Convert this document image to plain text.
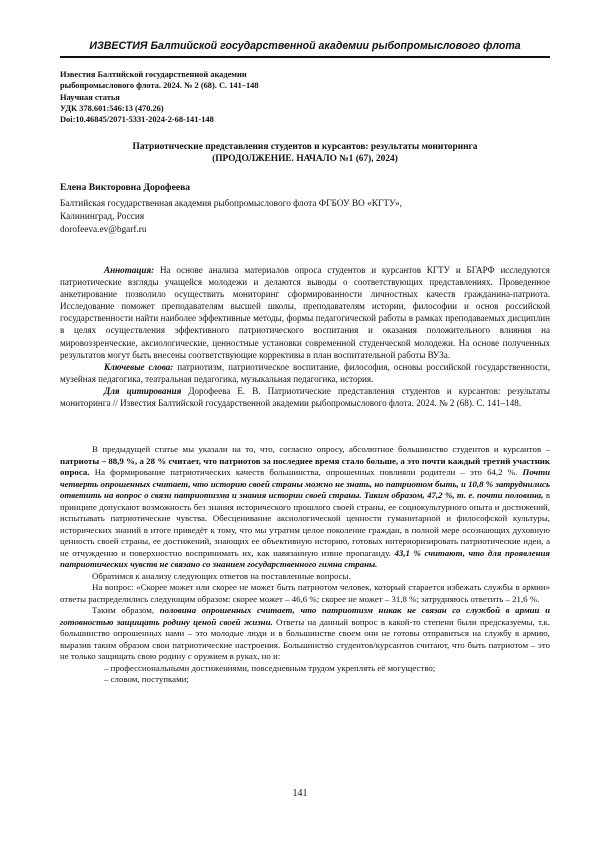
ИЗВЕСТИЯ Балтийской государственной академии рыбопромыслового флота
Известия Балтийской государственной академии
рыбопромыслового флота. 2024. № 2 (68). С. 141–148
Научная статья
УДК 378.601:546:13 (470.26)
Doi:10.46845/2071-5331-2024-2-68-141-148
Патриотические представления студентов и курсантов: результаты мониторинга
(ПРОДОЛЖЕНИЕ. НАЧАЛО №1 (67), 2024)
Елена Викторовна Дорофеева
Балтийская государственная академия рыбопромыслового флота ФГБОУ ВО «КГТУ»,
Калининград, Россия
dorofeeva.ev@bgarf.ru

Аннотация: На основе анализа материалов опроса студентов и курсантов КГТУ и БГАРФ исследуются патриотические взгляды учащейся молодежи и делаются выводы о соответствующих представлениях. Проведенное анкетирование позволило осуществить мониторинг сформированности личностных качеств гражданина-патриота. Исследование поможет преподавателям высшей школы, преподавателям истории, философии и основ российской государственности найти наиболее эффективные методы, формы педагогической работы в рамках преподаваемых дисциплин в целях осуществления эффективного патриотического воспитания и оказания положительного влияния на мировоззренческие, аксиологические, ценностные установки современной студенческой молодежи. На основе полученных результатов могут быть внесены соответствующие коррективы в план воспитательной работы ВУЗа.

Ключевые слова: патриотизм, патриотическое воспитание, философия, основы российской государственности, музейная педагогика, театральная педагогика, музыкальная педагогика, история.

Для цитирования Дорофеева Е. В. Патриотические представления студентов и курсантов: результаты мониторинга // Известия Балтийской государственной академии рыбопромыслового флота. 2024. № 2 (68). С. 141–148.

В предыдущей статье мы указали на то, что, согласно опросу, абсолютное большинство студентов и курсантов – патриоты – 88,9 %, а 28 % считает, что патриотов за последнее время стало больше, а это почти каждый третий участник опроса. На формирование патриотических качеств большинства, опрошенных повлияли родители – это 64,2 %. Почти четверть опрошенных считает, что историю своей страны можно не знать, но патриотом быть, и 10,8 % затруднились ответить на вопрос о связи патриотизма и знания истории своей страны. Таким образом, 47,2 %, т. е. почти половина, в принципе допускают возможность без знания исторического прошлого своей страны, ее социокультурного опыта и достижений, испытывать патриотические чувства. Обесценивание аксиологической ценности гуманитарной и философской культуры, исторических знаний в итоге приведёт к тому, что мы утратим целое поколение граждан, в полной мере осознающих духовную ценность своей страны, ее достижений, знающих ее объективную историю, готовых интериоризировать патриотические идеи, а не отчужденно и поверхностно воспринимать их, как навязанную извне пропаганду. 43,1 % считают, что для проявления патриотических чувств не связано со знанием государственного гимна страны.

Обратимся к анализу следующих ответов на поставленные вопросы.

На вопрос: «Скорее может или скорее не может быть патриотом человек, который старается избежать службы в армии» ответы распределились следующим образом: скорее может – 46,6 %; скорее не может – 31,8 %; затрудняюсь ответить – 21,6 %.

Таким образом, половина опрошенных считает, что патриотизм никак не связан со службой в армии и готовностью защищать родину ценой своей жизни. Ответы на данный вопрос в какой-то степени были предсказуемы, т.к. большинство опрошенных нами – это молодые люди и в большинстве своем они не готовы отправиться на службу в армию, выразив таким образом свои патриотические настроения. Большинство студентов/курсантов считают, что быть патриотом – это не только защищать свою родину с оружием в руках, но и:

– профессиональными достижениями, повседневным трудом укреплять её могущество;

– словом, поступками;

141
